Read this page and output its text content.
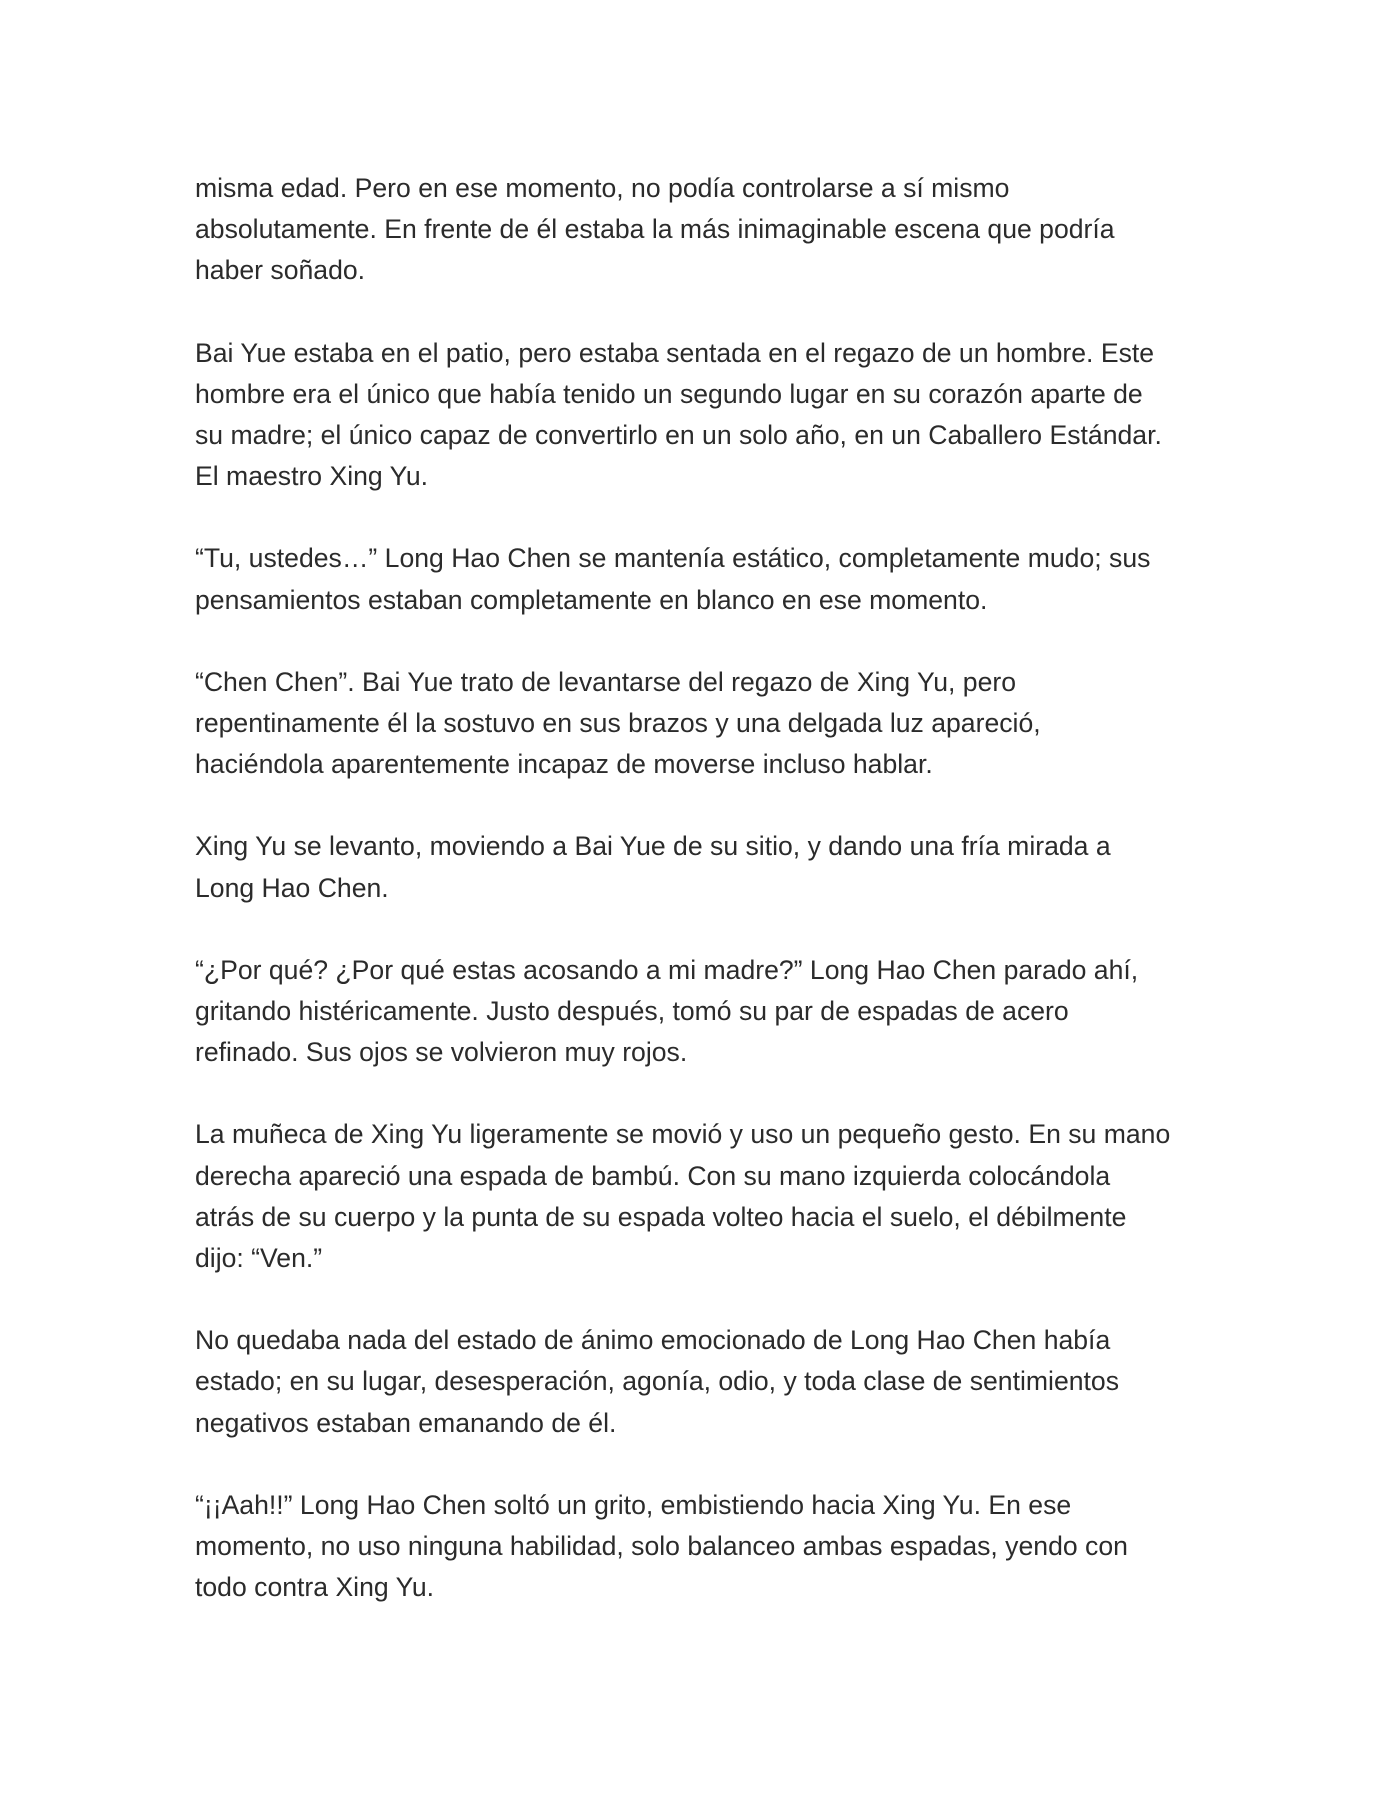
misma edad. Pero en ese momento, no podía controlarse a sí mismo
absolutamente. En frente de él estaba la más inimaginable escena que podría
haber soñado.

Bai Yue estaba en el patio, pero estaba sentada en el regazo de un hombre. Este
hombre era el único que había tenido un segundo lugar en su corazón aparte de
su madre; el único capaz de convertirlo en un solo año, en un Caballero Estándar.
El maestro Xing Yu.

“Tu, ustedes…” Long Hao Chen se mantenía estático, completamente mudo; sus
pensamientos estaban completamente en blanco en ese momento.

“Chen Chen”. Bai Yue trato de levantarse del regazo de Xing Yu, pero
repentinamente él la sostuvo en sus brazos y una delgada luz apareció,
haciéndola aparentemente incapaz de moverse incluso hablar.

Xing Yu se levanto, moviendo a Bai Yue de su sitio, y dando una fría mirada a
Long Hao Chen.

“¿Por qué? ¿Por qué estas acosando a mi madre?” Long Hao Chen parado ahí,
gritando histéricamente. Justo después, tomó su par de espadas de acero
refinado. Sus ojos se volvieron muy rojos.

La muñeca de Xing Yu ligeramente se movió y uso un pequeño gesto. En su mano
derecha apareció una espada de bambú. Con su mano izquierda colocándola
atrás de su cuerpo y la punta de su espada volteo hacia el suelo, el débilmente
dijo: “Ven.”

No quedaba nada del estado de ánimo emocionado de Long Hao Chen había
estado; en su lugar, desesperación, agonía, odio, y toda clase de sentimientos
negativos estaban emanando de él.

“¡¡Aah!!” Long Hao Chen soltó un grito, embistiendo hacia Xing Yu. En ese
momento, no uso ninguna habilidad, solo balanceo ambas espadas, yendo con
todo contra Xing Yu.
